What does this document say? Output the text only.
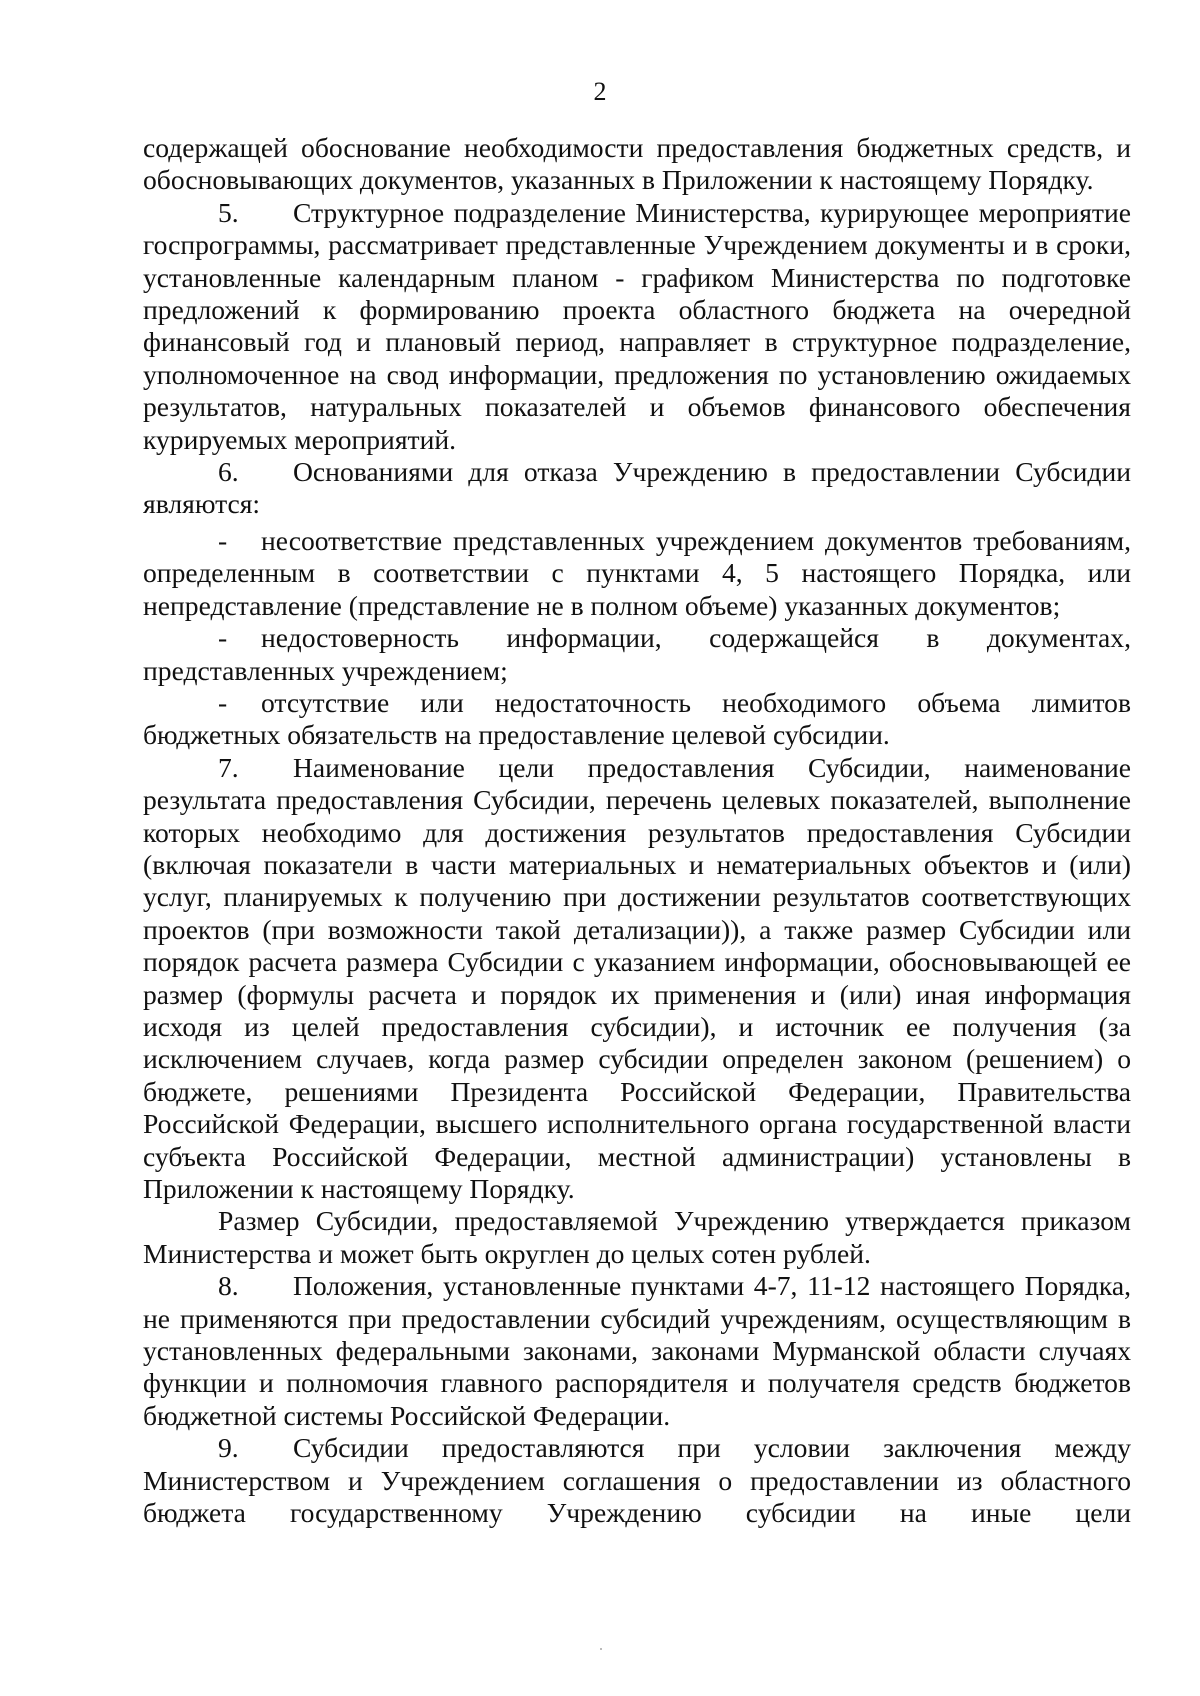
2

содержащей обоснование необходимости предоставления бюджетных средств, и обосновывающих документов, указанных в Приложении к настоящему Порядку.

5. Структурное подразделение Министерства, курирующее мероприятие госпрограммы, рассматривает представленные Учреждением документы и в сроки, установленные календарным планом - графиком Министерства по подготовке предложений к формированию проекта областного бюджета на очередной финансовый год и плановый период, направляет в структурное подразделение, уполномоченное на свод информации, предложения по установлению ожидаемых результатов, натуральных показателей и объемов финансового обеспечения курируемых мероприятий.

6. Основаниями для отказа Учреждению в предоставлении Субсидии являются:

- несоответствие представленных учреждением документов требованиям, определенным в соответствии с пунктами 4, 5 настоящего Порядка, или непредставление (представление не в полном объеме) указанных документов;

- недостоверность информации, содержащейся в документах, представленных учреждением;

- отсутствие или недостаточность необходимого объема лимитов бюджетных обязательств на предоставление целевой субсидии.

7. Наименование цели предоставления Субсидии, наименование результата предоставления Субсидии, перечень целевых показателей, выполнение которых необходимо для достижения результатов предоставления Субсидии (включая показатели в части материальных и нематериальных объектов и (или) услуг, планируемых к получению при достижении результатов соответствующих проектов (при возможности такой детализации)), а также размер Субсидии или порядок расчета размера Субсидии с указанием информации, обосновывающей ее размер (формулы расчета и порядок их применения и (или) иная информация исходя из целей предоставления субсидии), и источник ее получения (за исключением случаев, когда размер субсидии определен законом (решением) о бюджете, решениями Президента Российской Федерации, Правительства Российской Федерации, высшего исполнительного органа государственной власти субъекта Российской Федерации, местной администрации) установлены в Приложении к настоящему Порядку.

Размер Субсидии, предоставляемой Учреждению утверждается приказом Министерства и может быть округлен до целых сотен рублей.

8. Положения, установленные пунктами 4-7, 11-12 настоящего Порядка, не применяются при предоставлении субсидий учреждениям, осуществляющим в установленных федеральными законами, законами Мурманской области случаях функции и полномочия главного распорядителя и получателя средств бюджетов бюджетной системы Российской Федерации.

9. Субсидии предоставляются при условии заключения между Министерством и Учреждением соглашения о предоставлении из областного бюджета государственному Учреждению субсидии на иные цели
